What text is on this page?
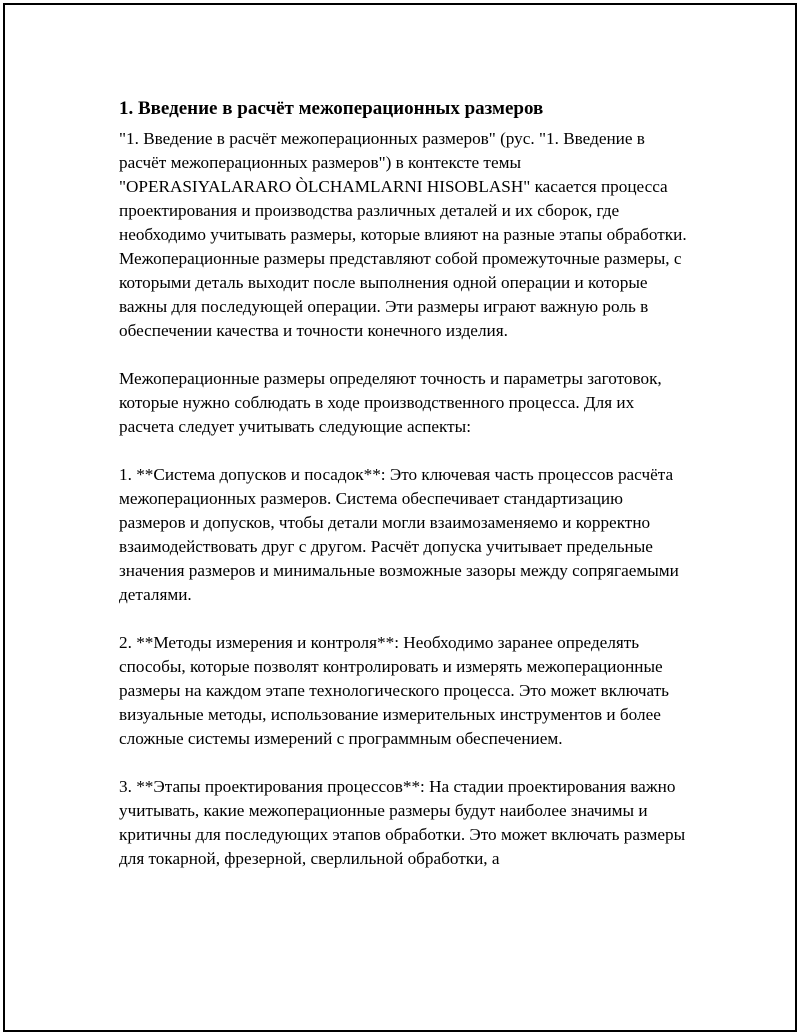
1. Введение в расчёт межоперационных размеров

"1. Введение в расчёт межоперационных размеров" (рус. "1. Введение в расчёт межоперационных размеров") в контексте темы "OPERASIYALARARO ÒLCHAMLARNI HISOBLASH" касается процесса проектирования и производства различных деталей и их сборок, где необходимо учитывать размеры, которые влияют на разные этапы обработки. Межоперационные размеры представляют собой промежуточные размеры, с которыми деталь выходит после выполнения одной операции и которые важны для последующей операции. Эти размеры играют важную роль в обеспечении качества и точности конечного изделия.

Межоперационные размеры определяют точность и параметры заготовок, которые нужно соблюдать в ходе производственного процесса. Для их расчета следует учитывать следующие аспекты:

1. **Система допусков и посадок**: Это ключевая часть процессов расчёта межоперационных размеров. Система обеспечивает стандартизацию размеров и допусков, чтобы детали могли взаимозаменяемо и корректно взаимодействовать друг с другом. Расчёт допуска учитывает предельные значения размеров и минимальные возможные зазоры между сопрягаемыми деталями.

2. **Методы измерения и контроля**: Необходимо заранее определять способы, которые позволят контролировать и измерять межоперационные размеры на каждом этапе технологического процесса. Это может включать визуальные методы, использование измерительных инструментов и более сложные системы измерений с программным обеспечением.

3. **Этапы проектирования процессов**: На стадии проектирования важно учитывать, какие межоперационные размеры будут наиболее значимы и критичны для последующих этапов обработки. Это может включать размеры для токарной, фрезерной, сверлильной обработки, а
